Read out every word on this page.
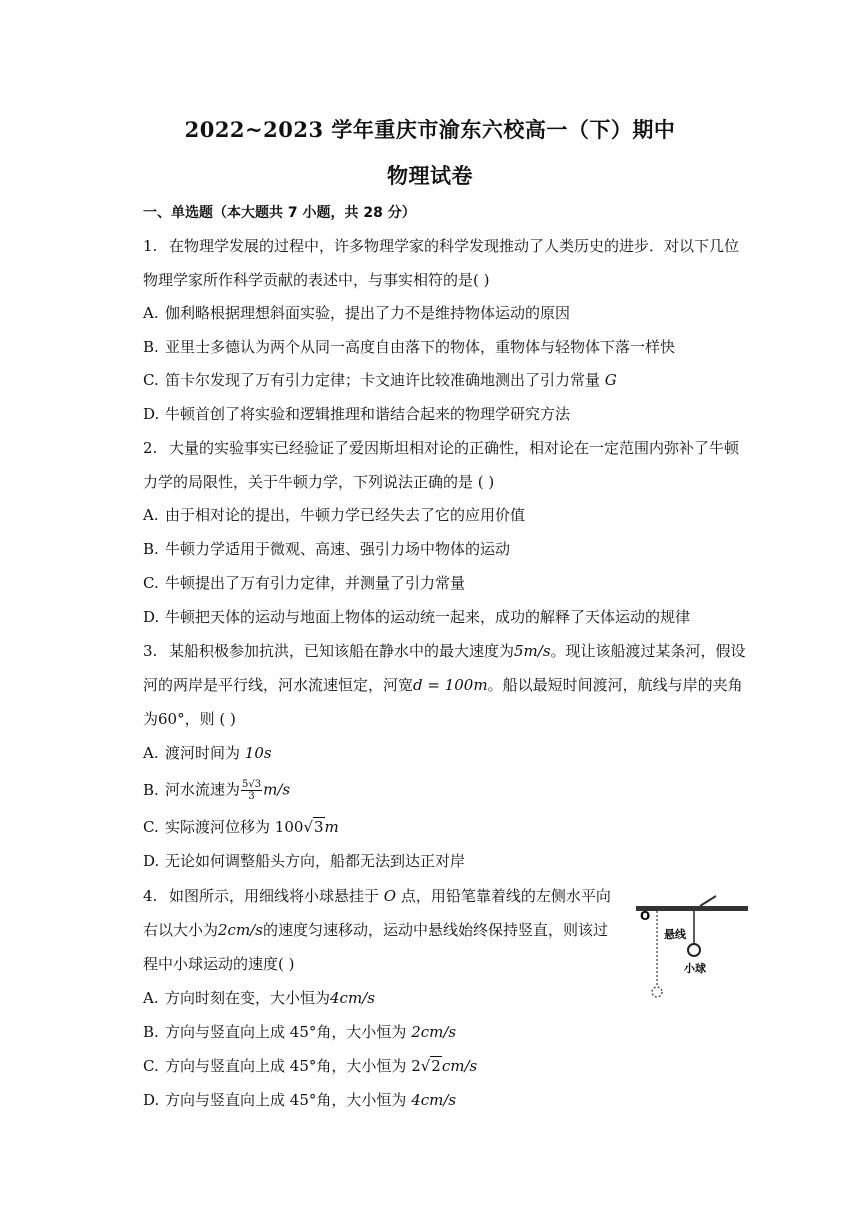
2022~2023 学年重庆市渝东六校高一（下）期中
物理试卷
一、单选题（本大题共 7 小题，共 28 分）
1. 在物理学发展的过程中，许多物理学家的科学发现推动了人类历史的进步．对以下几位
物理学家所作科学贡献的表述中，与事实相符的是( )
A. 伽利略根据理想斜面实验，提出了力不是维持物体运动的原因
B. 亚里士多德认为两个从同一高度自由落下的物体，重物体与轻物体下落一样快
C. 笛卡尔发现了万有引力定律；卡文迪许比较准确地测出了引力常量 G
D. 牛顿首创了将实验和逻辑推理和谐结合起来的物理学研究方法
2. 大量的实验事实已经验证了爱因斯坦相对论的正确性，相对论在一定范围内弥补了牛顿
力学的局限性，关于牛顿力学，下列说法正确的是 ( )
A. 由于相对论的提出，牛顿力学已经失去了它的应用价值
B. 牛顿力学适用于微观、高速、强引力场中物体的运动
C. 牛顿提出了万有引力定律，并测量了引力常量
D. 牛顿把天体的运动与地面上物体的运动统一起来，成功的解释了天体运动的规律
3. 某船积极参加抗洪，已知该船在静水中的最大速度为5m/s。现让该船渡过某条河，假设
河的两岸是平行线，河水流速恒定，河宽d = 100m。船以最短时间渡河，航线与岸的夹角
为60°，则 ( )
A. 渡河时间为 10s
B. 河水流速为 $\frac{5√3}{3} m/s$
C. 实际渡河位移为 100√3m
D. 无论如何调整船头方向，船都无法到达正对岸
4. 如图所示，用细线将小球悬挂于 O 点，用铅笔靠着线的左侧水平向
右以大小为2cm/s的速度匀速移动，运动中悬线始终保持竖直，则该过
程中小球运动的速度( )
A. 方向时刻在变，大小恒为4cm/s
B. 方向与竖直向上成 45°角，大小恒为 2cm/s
C. 方向与竖直向上成 45°角，大小恒为 2√2cm/s
D. 方向与竖直向上成 45°角，大小恒为 4cm/s
O
悬线
小球
